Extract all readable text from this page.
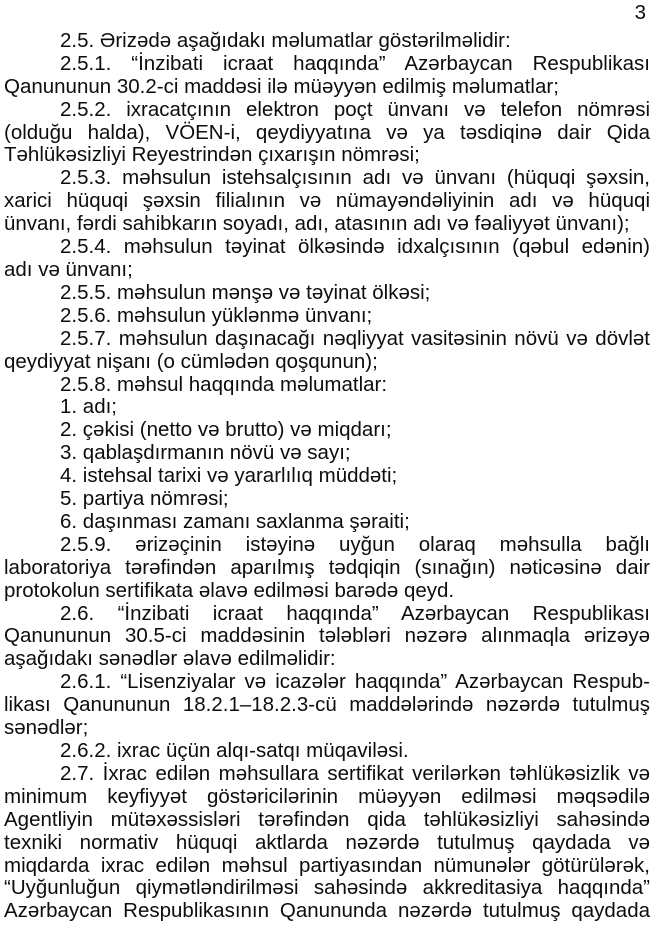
3
2.5. Ərizədə aşağıdakı məlumatlar göstərilməlidir:
2.5.1. “İnzibati icraat haqqında” Azərbaycan Respublikası
Qanununun 30.2-ci maddəsi ilə müəyyən edilmiş məlumatlar;
2.5.2. ixracatçının elektron poçt ünvanı və telefon nömrəsi
(olduğu halda), VÖEN-i, qeydiyyatına və ya təsdiqinə dair Qida
Təhlükəsizliyi Reyestrindən çıxarışın nömrəsi;
2.5.3. məhsulun istehsalçısının adı və ünvanı (hüquqi şəxsin,
xarici hüquqi şəxsin filialının və nümayəndəliyinin adı və hüquqi
ünvanı, fərdi sahibkarın soyadı, adı, atasının adı və fəaliyyət ünvanı);
2.5.4. məhsulun təyinat ölkəsində idxalçısının (qəbul edənin)
adı və ünvanı;
2.5.5. məhsulun mənşə və təyinat ölkəsi;
2.5.6. məhsulun yüklənmə ünvanı;
2.5.7. məhsulun daşınacağı nəqliyyat vasitəsinin növü və dövlət
qeydiyyat nişanı (o cümlədən qoşqunun);
2.5.8. məhsul haqqında məlumatlar:
1. adı;
2. çəkisi (netto və brutto) və miqdarı;
3. qablaşdırmanın növü və sayı;
4. istehsal tarixi və yararlılıq müddəti;
5. partiya nömrəsi;
6. daşınması zamanı saxlanma şəraiti;
2.5.9. ərizəçinin istəyinə uyğun olaraq məhsulla bağlı
laboratoriya tərəfindən aparılmış tədqiqin (sınağın) nəticəsinə dair
protokolun sertifikata əlavə edilməsi barədə qeyd.
2.6. “İnzibati icraat haqqında” Azərbaycan Respublikası
Qanununun 30.5-ci maddəsinin tələbləri nəzərə alınmaqla ərizəyə
aşağıdakı sənədlər əlavə edilməlidir:
2.6.1. “Lisenziyalar və icazələr haqqında” Azərbaycan Respub-
likası Qanununun 18.2.1–18.2.3-cü maddələrində nəzərdə tutulmuş
sənədlər;
2.6.2. ixrac üçün alqı-satqı müqaviləsi.
2.7. İxrac edilən məhsullara sertifikat verilərkən təhlükəsizlik və
minimum keyfiyyət göstəricilərinin müəyyən edilməsi məqsədilə
Agentliyin mütəxəssisləri tərəfindən qida təhlükəsizliyi sahəsində
texniki normativ hüquqi aktlarda nəzərdə tutulmuş qaydada və
miqdarda ixrac edilən məhsul partiyasından nümunələr götürülərək,
“Uyğunluğun qiymətləndirilməsi sahəsində akkreditasiya haqqında”
Azərbaycan Respublikasının Qanununda nəzərdə tutulmuş qaydada
